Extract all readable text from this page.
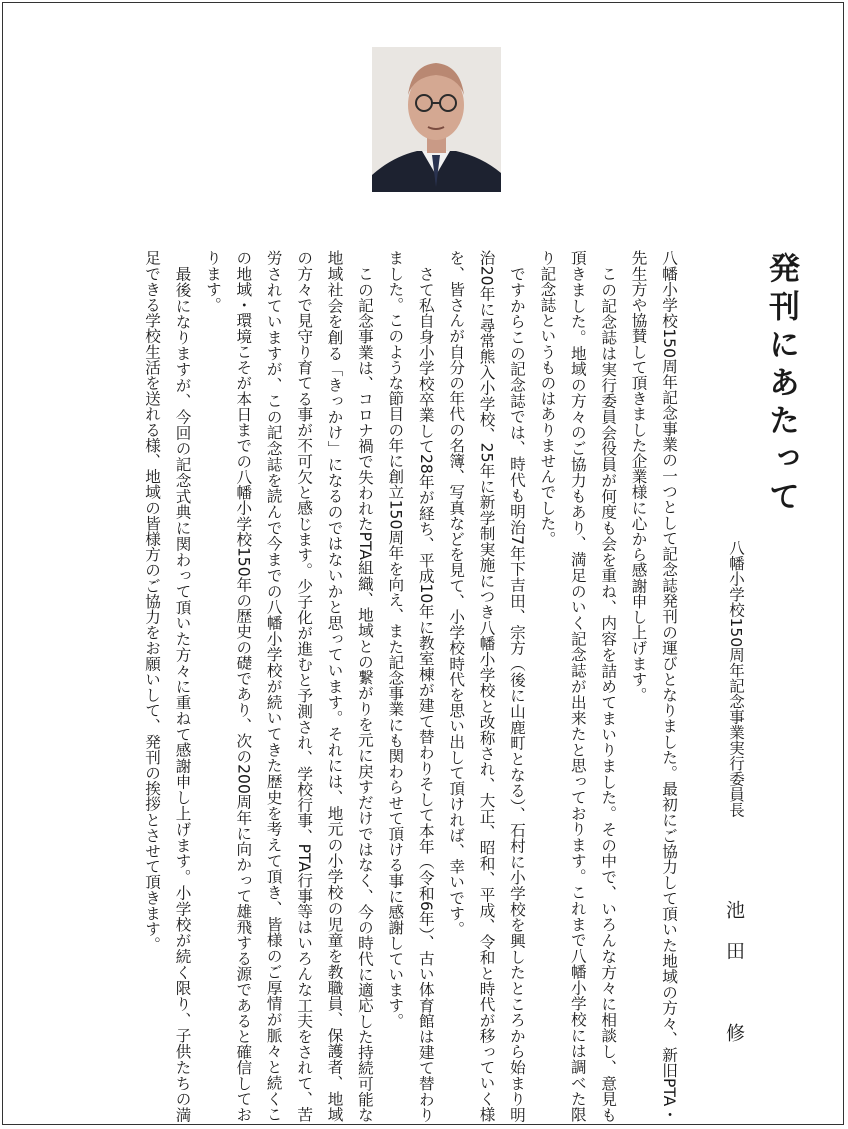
発刊にあたって
八幡小学校150周年記念事業実行委員長
池田　修

八幡小学校150周年記念事業の一つとして記念誌発刊の運びとなりました。最初にご協力して頂いた地域の方々、新旧PTA・先生方や協賛して頂きました企業様に心から感謝申し上げます。

この記念誌は実行委員会役員が何度も会を重ね、内容を詰めてまいりました。その中で、いろんな方々に相談し、意見も頂きました。地域の方々のご協力もあり、満足のいく記念誌が出来たと思っております。これまで八幡小学校には調べた限り記念誌というものはありませんでした。

ですからこの記念誌では、時代も明治7年下吉田、宗方（後に山鹿町となる）、石村に小学校を興したところから始まり明治20年に尋常熊入小学校、25年に新学制実施につき八幡小学校と改称され、大正、昭和、平成、令和と時代が移っていく様を、皆さんが自分の年代の名簿、写真などを見て、小学校時代を思い出して頂ければ、幸いです。

さて私自身小学校卒業して28年が経ち、平成10年に教室棟が建て替わりそして本年（令和6年）、古い体育館は建て替わりました。このような節目の年に創立150周年を向え、また記念事業にも関わらせて頂ける事に感謝しています。

この記念事業は、コロナ禍で失われたPTA組織、地域との繋がりを元に戻すだけではなく、今の時代に適応した持続可能な地域社会を創る「きっかけ」になるのではないかと思っています。それには、地元の小学校の児童を教職員、保護者、地域の方々で見守り育てる事が不可欠と感じます。少子化が進むと予測され、学校行事、PTA行事等はいろんな工夫をされて、苦労されていますが、この記念誌を読んで今までの八幡小学校が続いてきた歴史を考えて頂き、皆様のご厚情が脈々と続くこの地域・環境こそが本日までの八幡小学校150年の歴史の礎であり、次の200周年に向かって雄飛する源であると確信しております。

最後になりますが、今回の記念式典に関わって頂いた方々に重ねて感謝申し上げます。小学校が続く限り、子供たちの満足できる学校生活を送れる様、地域の皆様方のご協力をお願いして、発刊の挨拶とさせて頂きます。
